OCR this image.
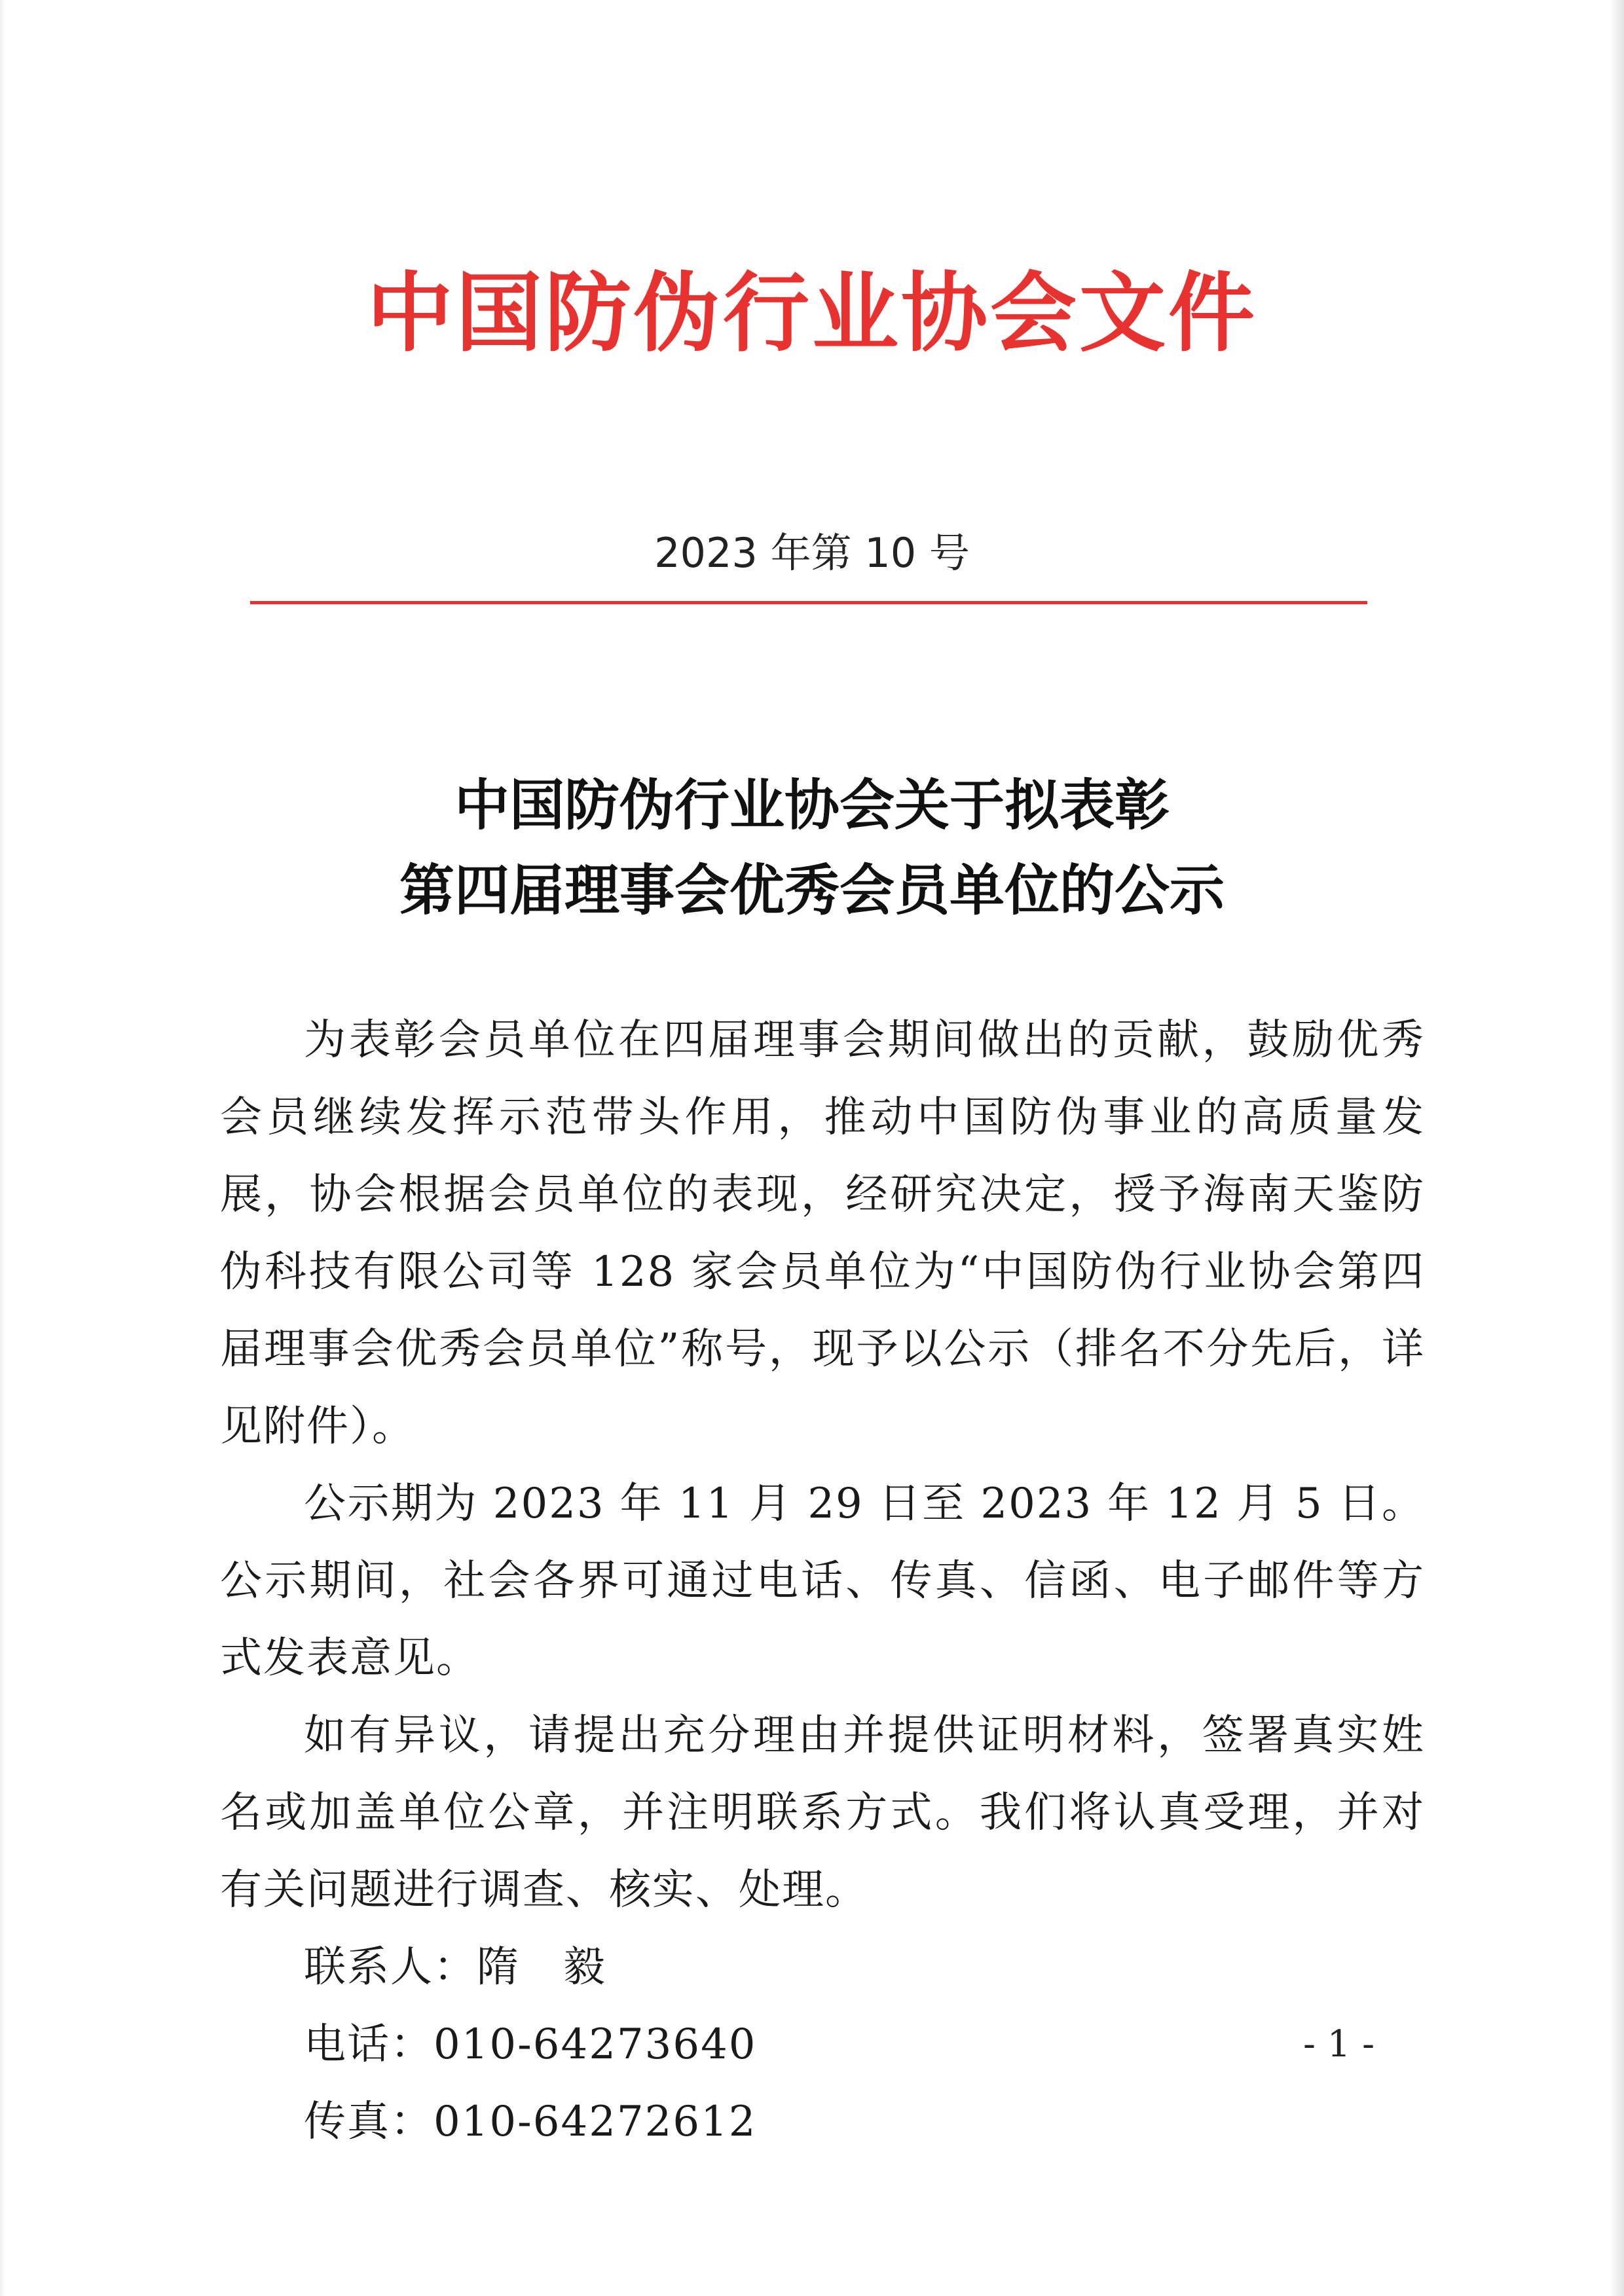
中国防伪行业协会文件
2023 年第 10 号
中国防伪行业协会关于拟表彰
第四届理事会优秀会员单位的公示

为表彰会员单位在四届理事会期间做出的贡献，鼓励优秀会员继续发挥示范带头作用，推动中国防伪事业的高质量发展，协会根据会员单位的表现，经研究决定，授予海南天鉴防伪科技有限公司等 128 家会员单位为“中国防伪行业协会第四届理事会优秀会员单位”称号，现予以公示（排名不分先后，详见附件）。

公示期为 2023 年 11 月 29 日至 2023 年 12 月 5 日。公示期间，社会各界可通过电话、传真、信函、电子邮件等方式发表意见。

如有异议，请提出充分理由并提供证明材料，签署真实姓名或加盖单位公章，并注明联系方式。我们将认真受理，并对有关问题进行调查、核实、处理。

联系人：隋　毅

电话：010-64273640

传真：010-64272612

- 1 -
